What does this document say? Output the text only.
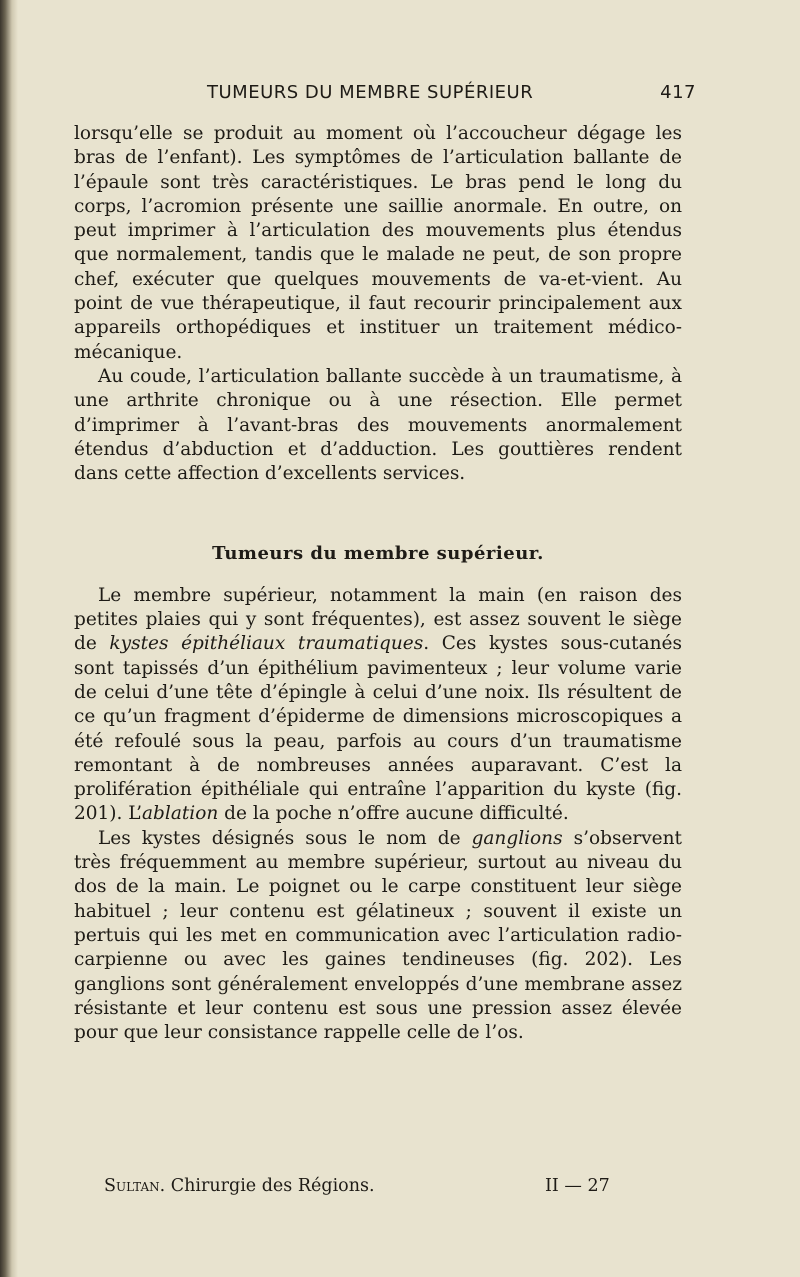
TUMEURS DU MEMBRE SUPÉRIEUR	417

lorsqu’elle se produit au moment où l’accoucheur dégage les bras de l’enfant). Les symptômes de l’articulation ballante de l’épaule sont très caractéristiques. Le bras pend le long du corps, l’acromion présente une saillie anormale. En outre, on peut imprimer à l’articulation des mouvements plus étendus que normalement, tandis que le malade ne peut, de son propre chef, exécuter que quelques mouvements de va-et-vient. Au point de vue thérapeutique, il faut recourir principalement aux appareils orthopédiques et instituer un traitement médico-mécanique.

Au coude, l’articulation ballante succède à un traumatisme, à une arthrite chronique ou à une résection. Elle permet d’imprimer à l’avant-bras des mouvements anormalement étendus d’abduction et d’adduction. Les gouttières rendent dans cette affection d’excellents services.

Tumeurs du membre supérieur.

Le membre supérieur, notamment la main (en raison des petites plaies qui y sont fréquentes), est assez souvent le siège de kystes épithéliaux traumatiques. Ces kystes sous-cutanés sont tapissés d’un épithélium pavimenteux ; leur volume varie de celui d’une tête d’épingle à celui d’une noix. Ils résultent de ce qu’un fragment d’épiderme de dimensions microscopiques a été refoulé sous la peau, parfois au cours d’un traumatisme remontant à de nombreuses années auparavant. C’est la prolifération épithéliale qui entraîne l’apparition du kyste (fig. 201). L’ablation de la poche n’offre aucune difficulté.

Les kystes désignés sous le nom de ganglions s’observent très fréquemment au membre supérieur, surtout au niveau du dos de la main. Le poignet ou le carpe constituent leur siège habituel ; leur contenu est gélatineux ; souvent il existe un pertuis qui les met en communication avec l’articulation radio-carpienne ou avec les gaines tendineuses (fig. 202). Les ganglions sont généralement enveloppés d’une membrane assez résistante et leur contenu est sous une pression assez élevée pour que leur consistance rappelle celle de l’os.

Sultan. Chirurgie des Régions.	II — 27
